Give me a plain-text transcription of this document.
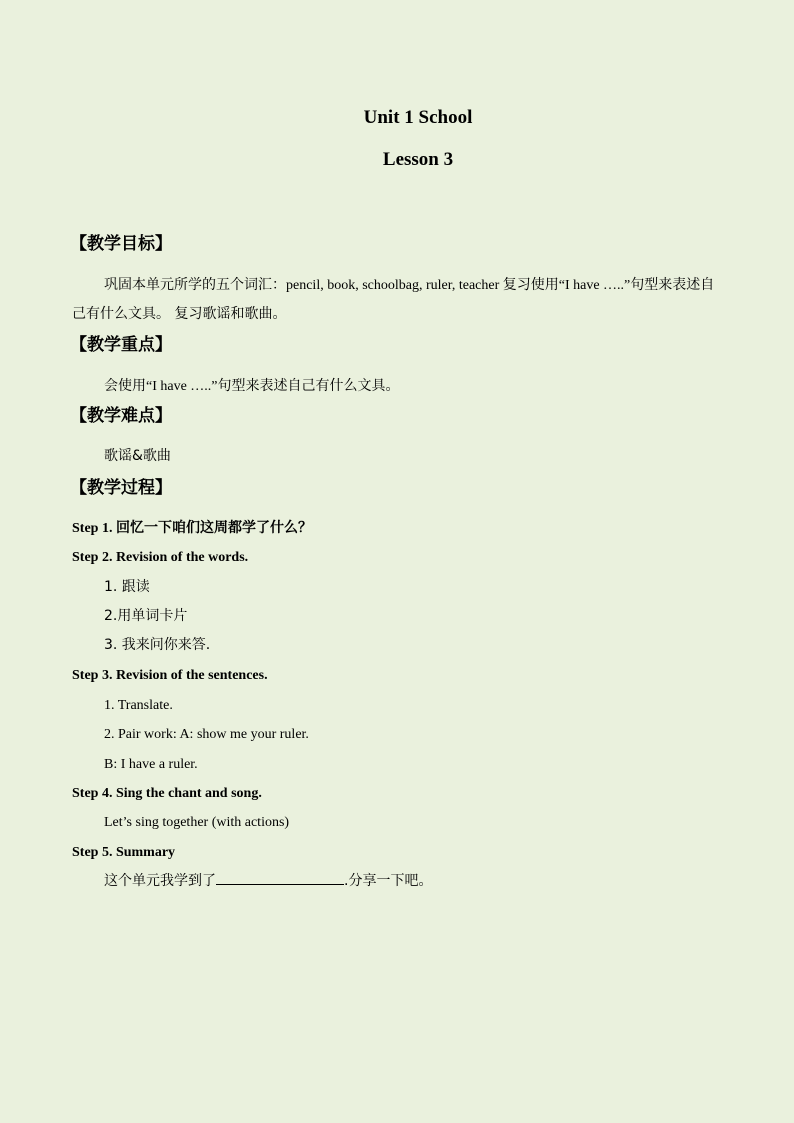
Unit 1 School
Lesson 3
【教学目标】
巩固本单元所学的五个词汇：pencil, book, schoolbag, ruler, teacher 复习使用“I have …..”句型来表述自己有什么文具。 复习歌谣和歌曲。
【教学重点】
会使用“I have …..”句型来表述自己有什么文具。
【教学难点】
歌谣&歌曲
【教学过程】
Step 1. 回忆一下咱们这周都学了什么？
Step 2. Revision of the words.
1. 跟读
2.用单词卡片
3. 我来问你来答.
Step 3. Revision of the sentences.
1. Translate.
2. Pair work: A: show me your ruler.
B: I have a ruler.
Step 4. Sing the chant and song.
Let’s sing together (with actions)
Step 5. Summary
这个单元我学到了	.分享一下吧。
